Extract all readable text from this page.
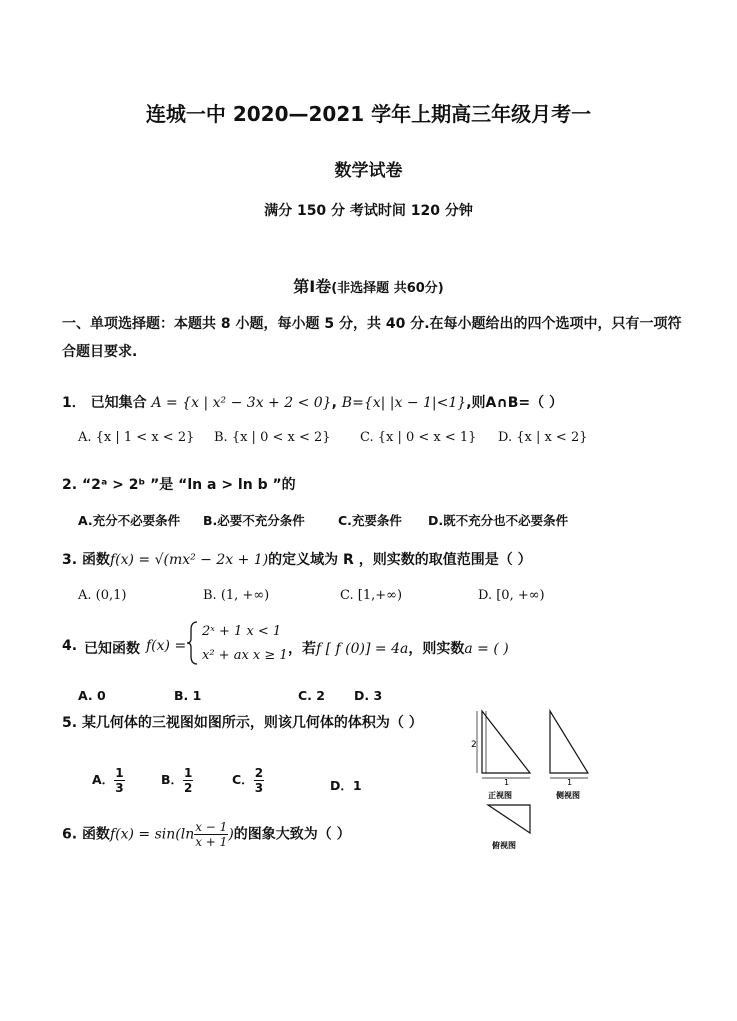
连城一中 2020—2021 学年上期高三年级月考一
数学试卷
满分 150 分 考试时间 120 分钟
第Ⅰ卷(非选择题 共60分)
一、单项选择题：本题共 8 小题，每小题 5 分，共 40 分.在每小题给出的四个选项中，只有一项符合题目要求.
1． 已知集合 A = {x | x² − 3x + 2 < 0}, B={x| |x − 1|<1},则A∩B=（ ）
A. {x | 1 < x < 2} B. {x | 0 < x < 2} C. {x | 0 < x < 1} D. {x | x < 2}
2. “2ᵃ > 2ᵇ ”是 “ln a > ln b ”的
A.充分不必要条件 B.必要不充分条件	C.充要条件 D.既不充分也不必要条件
3. 函数f(x) = √(mx² − 2x + 1)的定义域为 R ，则实数的取值范围是（ ）
A. (0,1)	B. (1, +∞)	C. [1,+∞)	D. [0, +∞)
4. 已知函数 f(x) =
2ˣ + 1 x < 1
x² + ax x ≥ 1 ，若f [ f (0)] = 4a，则实数a = ( )
A. 0	B. 1	C. 2 D. 3
5. 某几何体的三视图如图所示，则该几何体的体积为（ ）
A． $\frac{1}{3}$	B． $\frac{1}{2}$	C． $\frac{2}{3}$	D．1
2
1
正视图
1
侧视图
俯视图
6. 函数$f(x) = \sin(\ln \frac{x - 1}{x + 1}$ )的图象大致为（ ）
